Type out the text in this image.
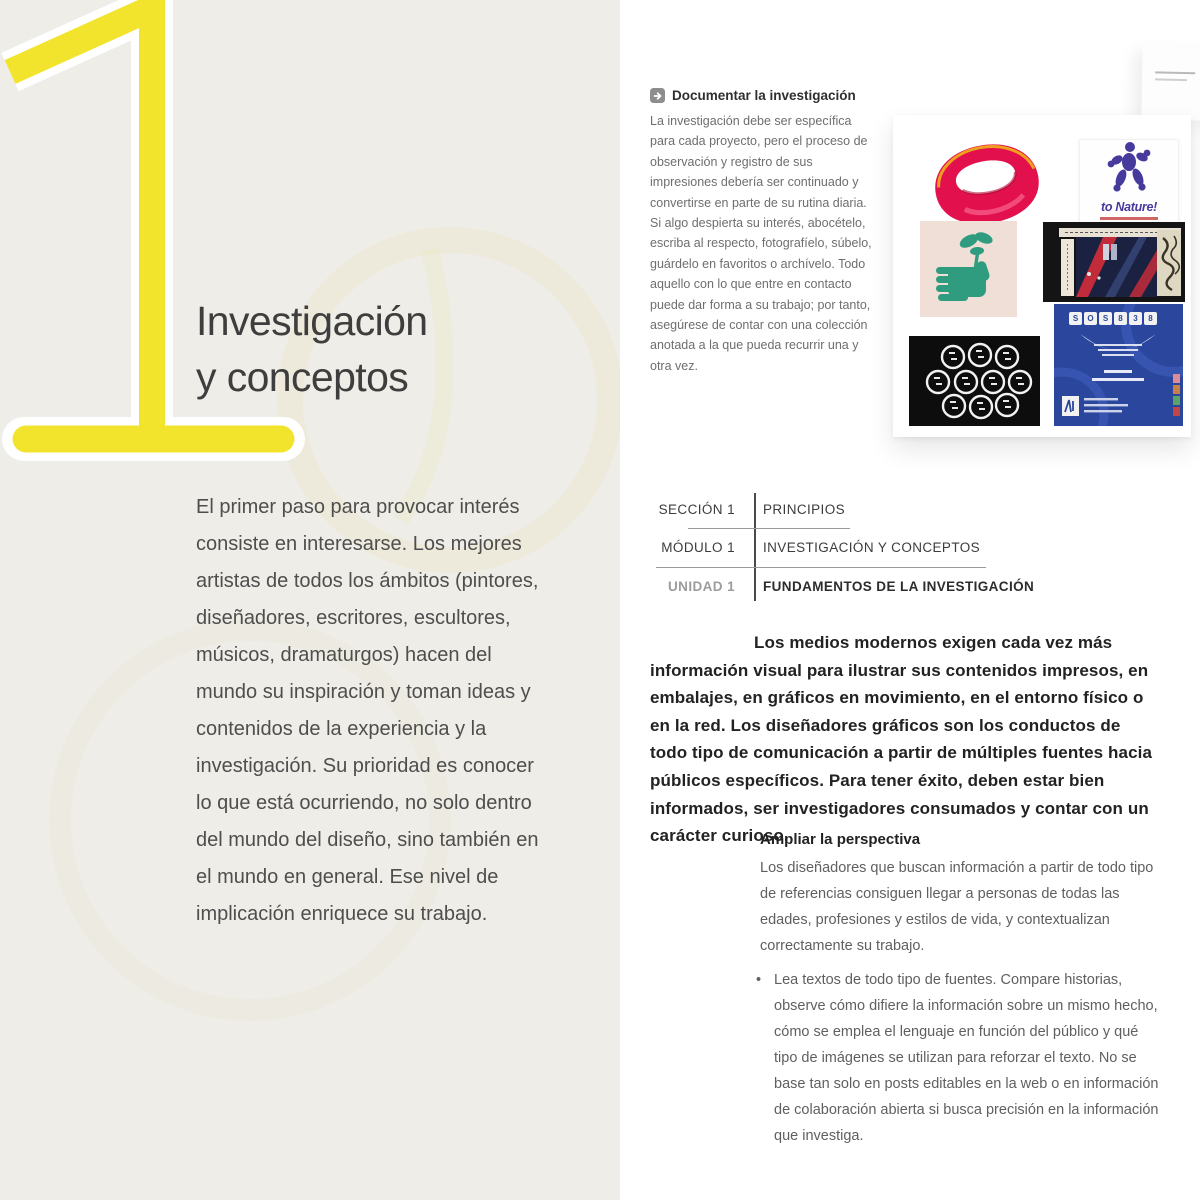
Investigación
y conceptos

El primer paso para provocar interés consiste en interesarse. Los mejores artistas de todos los ámbitos (pintores, diseñadores, escritores, escultores, músicos, dramaturgos) hacen del mundo su inspiración y toman ideas y contenidos de la experiencia y la investigación. Su prioridad es conocer lo que está ocurriendo, no solo dentro del mundo del diseño, sino también en el mundo en general. Ese nivel de implicación enriquece su trabajo.

Documentar la investigación

La investigación debe ser específica para cada proyecto, pero el proceso de observación y registro de sus impresiones debería ser continuado y convertirse en parte de su rutina diaria. Si algo despierta su interés, abocételo, escriba al respecto, fotografíelo, súbelo, guárdelo en favoritos o archívelo. Todo aquello con lo que entre en contacto puede dar forma a su trabajo; por tanto, asegúrese de contar con una colección anotada a la que pueda recurrir una y otra vez.

to Nature!
S	O	S	8	3	8
SECCIÓN 1	PRINCIPIOS
MÓDULO 1	INVESTIGACIÓN Y CONCEPTOS
UNIDAD 1	FUNDAMENTOS DE LA INVESTIGACIÓN

Los medios modernos exigen cada vez más información visual para ilustrar sus contenidos impresos, en embalajes, en gráficos en movimiento, en el entorno físico o en la red. Los diseñadores gráficos son los conductos de todo tipo de comunicación a partir de múltiples fuentes hacia públicos específicos. Para tener éxito, deben estar bien informados, ser investigadores consumados y contar con un carácter curioso.

Ampliar la perspectiva

Los diseñadores que buscan información a partir de todo tipo de referencias consiguen llegar a personas de todas las edades, profesiones y estilos de vida, y contextualizan correctamente su trabajo.

• Lea textos de todo tipo de fuentes. Compare historias, observe cómo difiere la información sobre un mismo hecho, cómo se emplea el lenguaje en función del público y qué tipo de imágenes se utilizan para reforzar el texto. No se base tan solo en posts editables en la web o en información de colaboración abierta si busca precisión en la información que investiga.
